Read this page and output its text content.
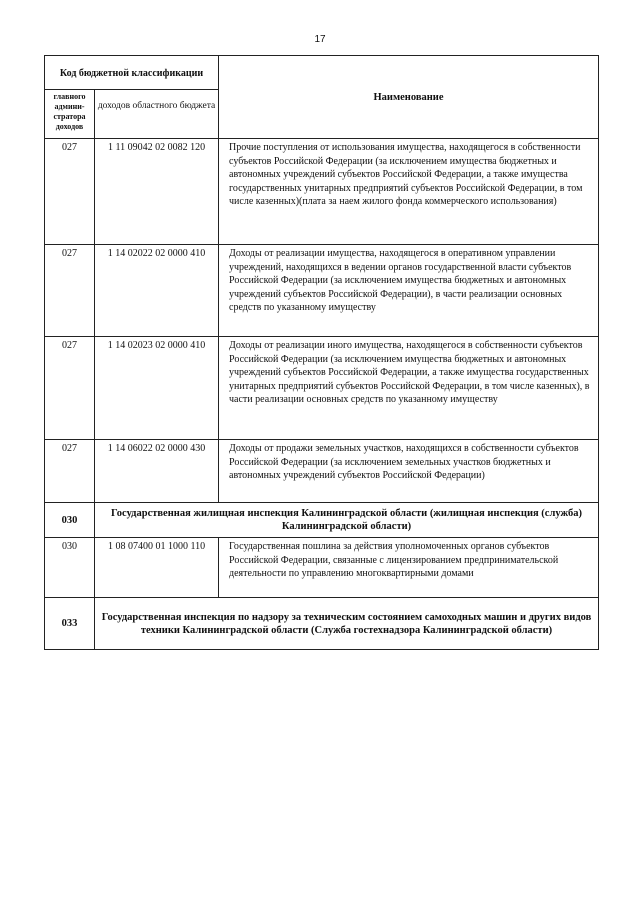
17
Код бюджетной классификации		Наименование
главного админи-стратора доходов	доходов областного бюджета	
027	1 11 09042 02 0082 120	Прочие поступления от использования имущества, находящегося в собственности субъектов Российской Федерации (за исключением имущества бюджетных и автономных учреждений субъектов Российской Федерации, а также имущества государственных унитарных предприятий субъектов Российской Федерации, в том числе казенных)(плата за наем жилого фонда коммерческого использования)
027	1 14 02022 02 0000 410	Доходы от реализации имущества, находящегося в оперативном управлении учреждений, находящихся в ведении органов государственной власти субъектов Российской Федерации (за исключением имущества бюджетных и автономных учреждений субъектов Российской Федерации), в части реализации основных средств по указанному имуществу
027	1 14 02023 02 0000 410	Доходы от реализации иного имущества, находящегося в собственности субъектов Российской Федерации (за исключением имущества бюджетных и автономных учреждений субъектов Российской Федерации, а также имущества государственных унитарных предприятий субъектов Российской Федерации, в том числе казенных), в части реализации основных средств по указанному имуществу
027	1 14 06022 02 0000 430	Доходы от продажи земельных участков, находящихся в собственности субъектов Российской Федерации (за исключением земельных участков бюджетных и автономных учреждений субъектов Российской Федерации)
030	Государственная жилищная инспекция Калининградской области (жилищная инспекция (служба) Калининградской области)	
030	1 08 07400 01 1000 110	Государственная пошлина за действия уполномоченных органов субъектов Российской Федерации, связанные с лицензированием предпринимательской деятельности по управлению многоквартирными домами
033	Государственная инспекция по надзору за техническим состоянием самоходных машин и других видов техники Калининградской области (Служба гостехнадзора Калининградской области)	
